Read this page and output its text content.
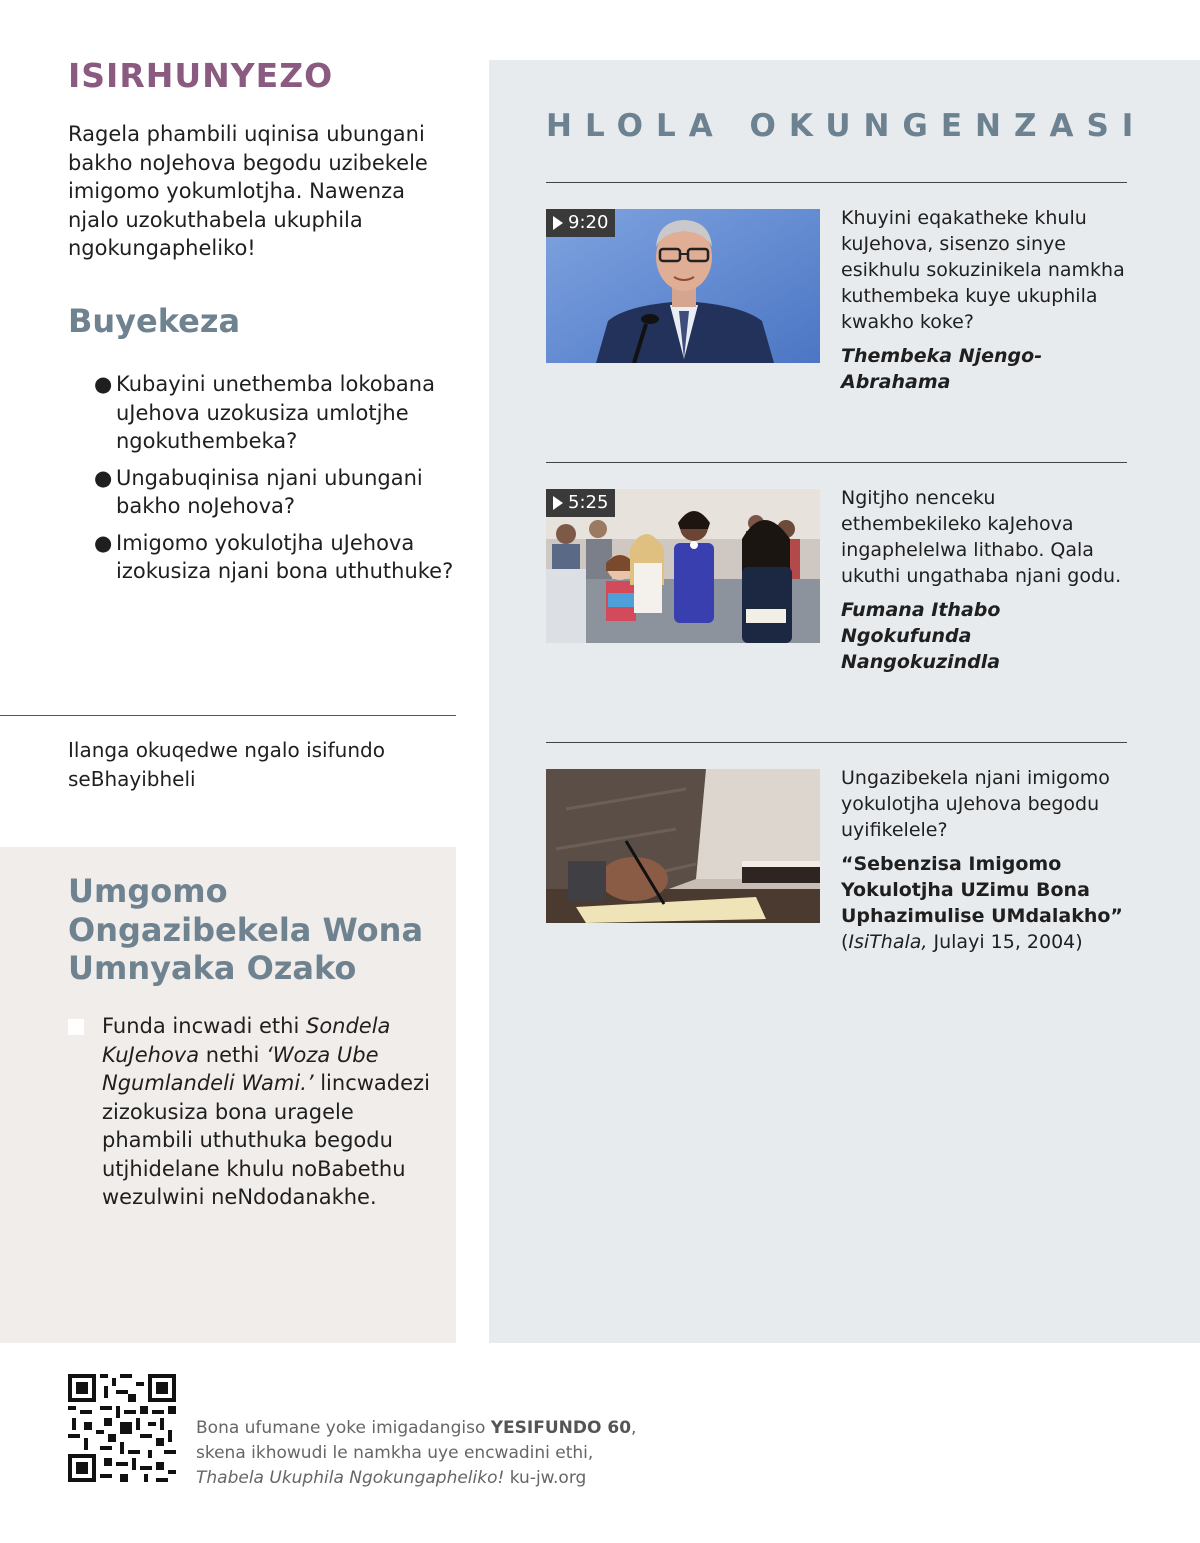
ISIRHUNYEZO

Ragela phambili uqinisa ubungani bakho noJehova begodu uzibekele imigomo yokumlotjha. Nawenza njalo uzokuthabela ukuphila ngokungapheliko!

Buyekeza
● Kubayini unethemba lokobana uJehova uzokusiza umlotjhe ngokuthembeka?
● Ungabuqinisa njani ubungani bakho noJehova?
● Imigomo yokulotjha uJehova izokusiza njani bona uthuthuke?

Ilanga okuqedwe ngalo isifundo seBhayibheli

Umgomo Ongazibekela Wona Umnyaka Ozako

Funda incwadi ethi Sondela KuJehova nethi ‘Woza Ube Ngumlandeli Wami.’ lincwadezi zizokusiza bona uragele phambili uthuthuka begodu utjhidelane khulu noBabethu wezulwini neNdodanakhe.

HLOLA OKUNGENZASI
9:20	Khuyini eqakatheke khulu kuJehova, sisenzo sinye esikhulu sokuzinikela namkha kuthembeka kuye ukuphila kwakho koke?

Thembeka Njengo-Abrahama

5:25	Ngitjho nenceku ethembekileko kaJehova ingaphelelwa lithabo. Qala ukuthi ungathaba njani godu.

Fumana Ithabo Ngokufunda Nangokuzindla

Ungazibekela njani imigomo yokulotjha uJehova begodu uyifikelele?

“Sebenzisa Imigomo Yokulotjha UZimu Bona Uphazimulise UMdalakho” (IsiThala, Julayi 15, 2004)

Bona ufumane yoke imigadangiso YESIFUNDO 60,
skena ikhowudi le namkha uye encwadini ethi,
Thabela Ukuphila Ngokungapheliko! ku-jw.org
